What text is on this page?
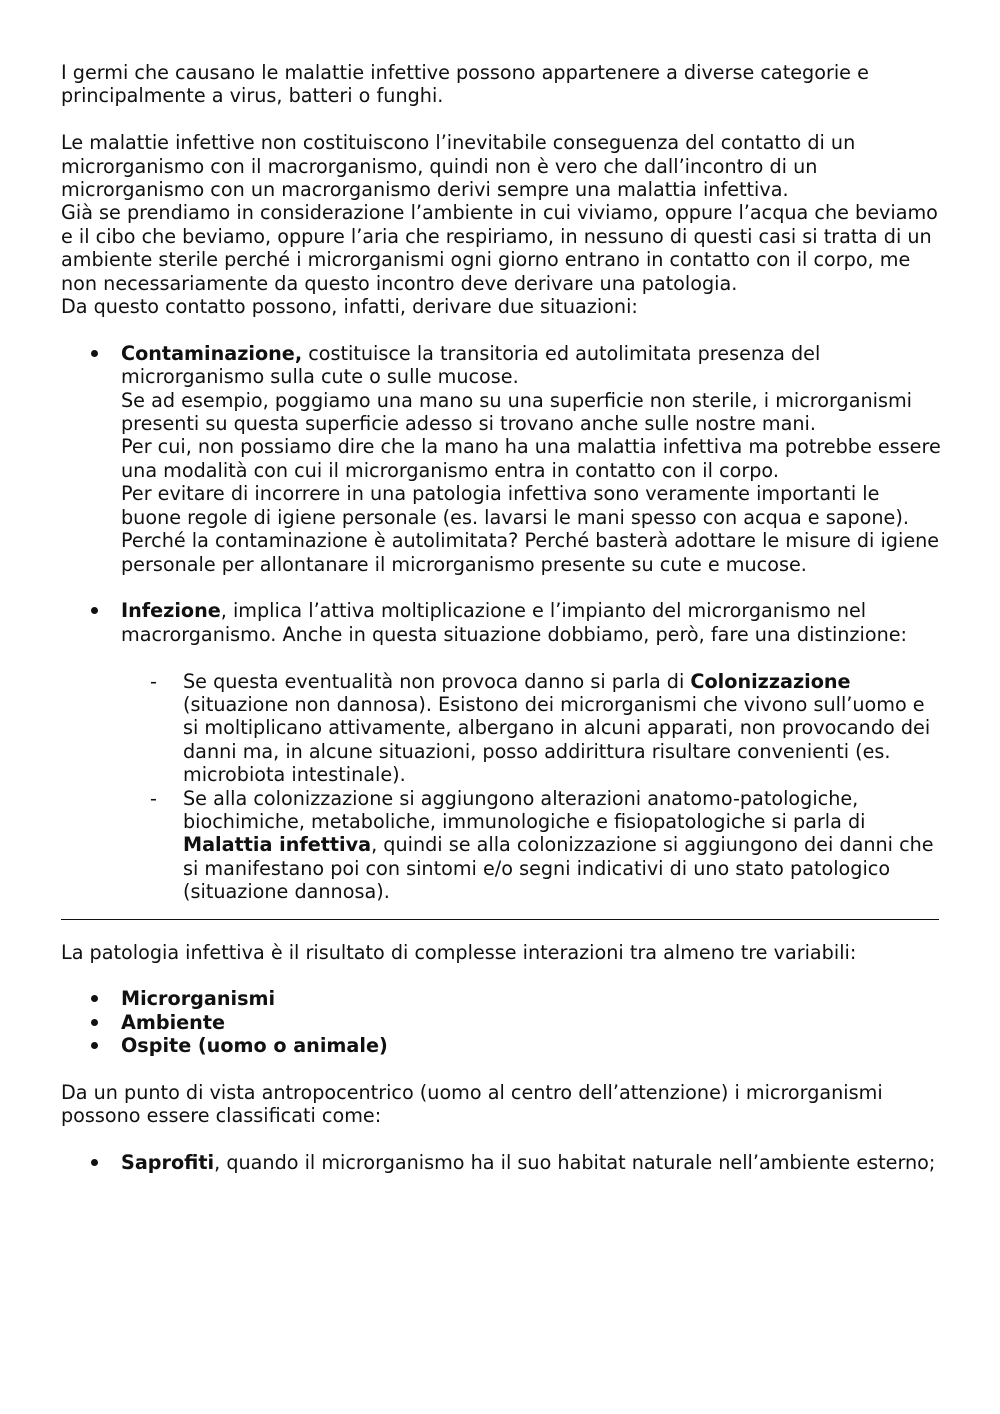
I germi che causano le malattie infettive possono appartenere a diverse categorie e principalmente a virus, batteri o funghi.

Le malattie infettive non costituiscono l’inevitabile conseguenza del contatto di un microrganismo con il macrorganismo, quindi non è vero che dall’incontro di un microrganismo con un macrorganismo derivi sempre una malattia infettiva.

Già se prendiamo in considerazione l’ambiente in cui viviamo, oppure l’acqua che beviamo e il cibo che beviamo, oppure l’aria che respiriamo, in nessuno di questi casi si tratta di un ambiente sterile perché i microrganismi ogni giorno entrano in contatto con il corpo, me non necessariamente da questo incontro deve derivare una patologia.

Da questo contatto possono, infatti, derivare due situazioni:

Contaminazione, costituisce la transitoria ed autolimitata presenza del microrganismo sulla cute o sulle mucose.

Se ad esempio, poggiamo una mano su una superficie non sterile, i microrganismi presenti su questa superficie adesso si trovano anche sulle nostre mani.

Per cui, non possiamo dire che la mano ha una malattia infettiva ma potrebbe essere una modalità con cui il microrganismo entra in contatto con il corpo.

Per evitare di incorrere in una patologia infettiva sono veramente importanti le buone regole di igiene personale (es. lavarsi le mani spesso con acqua e sapone).

Perché la contaminazione è autolimitata? Perché basterà adottare le misure di igiene personale per allontanare il microrganismo presente su cute e mucose.

Infezione, implica l’attiva moltiplicazione e l’impianto del microrganismo nel macrorganismo. Anche in questa situazione dobbiamo, però, fare una distinzione:

- Se questa eventualità non provoca danno si parla di Colonizzazione (situazione non dannosa). Esistono dei microrganismi che vivono sull’uomo e si moltiplicano attivamente, albergano in alcuni apparati, non provocando dei danni ma, in alcune situazioni, posso addirittura risultare convenienti (es. microbiota intestinale).
- Se alla colonizzazione si aggiungono alterazioni anatomo-patologiche, biochimiche, metaboliche, immunologiche e fisiopatologiche si parla di Malattia infettiva, quindi se alla colonizzazione si aggiungono dei danni che si manifestano poi con sintomi e/o segni indicativi di uno stato patologico (situazione dannosa).

La patologia infettiva è il risultato di complesse interazioni tra almeno tre variabili:

Microrganismi
Ambiente
Ospite (uomo o animale)

Da un punto di vista antropocentrico (uomo al centro dell’attenzione) i microrganismi possono essere classificati come:

Saprofiti, quando il microrganismo ha il suo habitat naturale nell’ambiente esterno;
